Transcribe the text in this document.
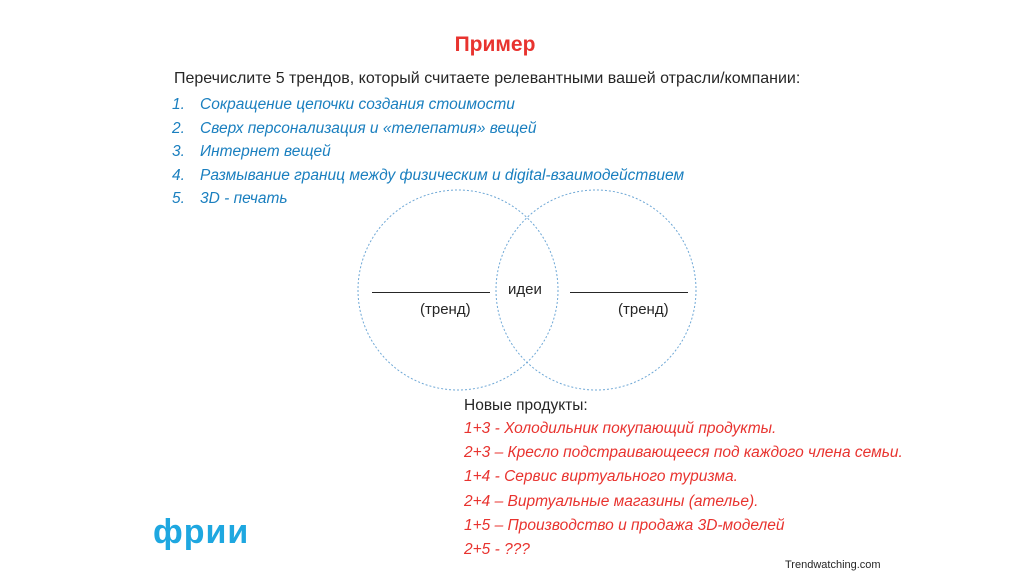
Пример
Перечислите 5 трендов, который считаете релевантными вашей отрасли/компании:
1. Сокращение цепочки создания стоимости
2. Сверх персонализация и «телепатия» вещей
3. Интернет вещей
4. Размывание границ между физическим и digital-взаимодействием
5. 3D - печать
(тренд)	(тренд)
идеи
Новые продукты:
1+3 - Холодильник покупающий продукты.
2+3 – Кресло подстраивающееся под каждого члена семьи.
1+4 - Сервис виртуального туризма.
2+4 – Виртуальные магазины (ателье).
1+5 – Производство и продажа 3D-моделей
2+5 - ???
фрии
Trendwatching.com
